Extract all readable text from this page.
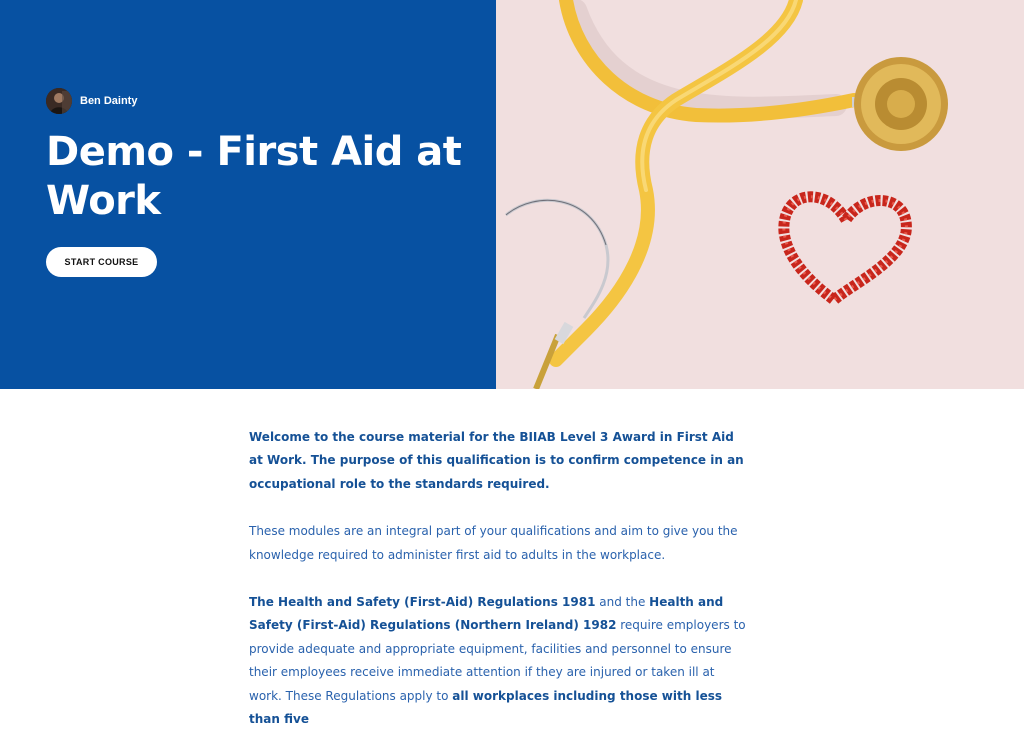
Ben Dainty
Demo - First Aid at Work
START COURSE

Welcome to the course material for the BIIAB Level 3 Award in First Aid at Work. The purpose of this qualification is to confirm competence in an occupational role to the standards required.

These modules are an integral part of your qualifications and aim to give you the knowledge required to administer first aid to adults in the workplace.

The Health and Safety (First-Aid) Regulations 1981 and the Health and Safety (First-Aid) Regulations (Northern Ireland) 1982 require employers to provide adequate and appropriate equipment, facilities and personnel to ensure their employees receive immediate attention if they are injured or taken ill at work. These Regulations apply to all workplaces including those with less than five
